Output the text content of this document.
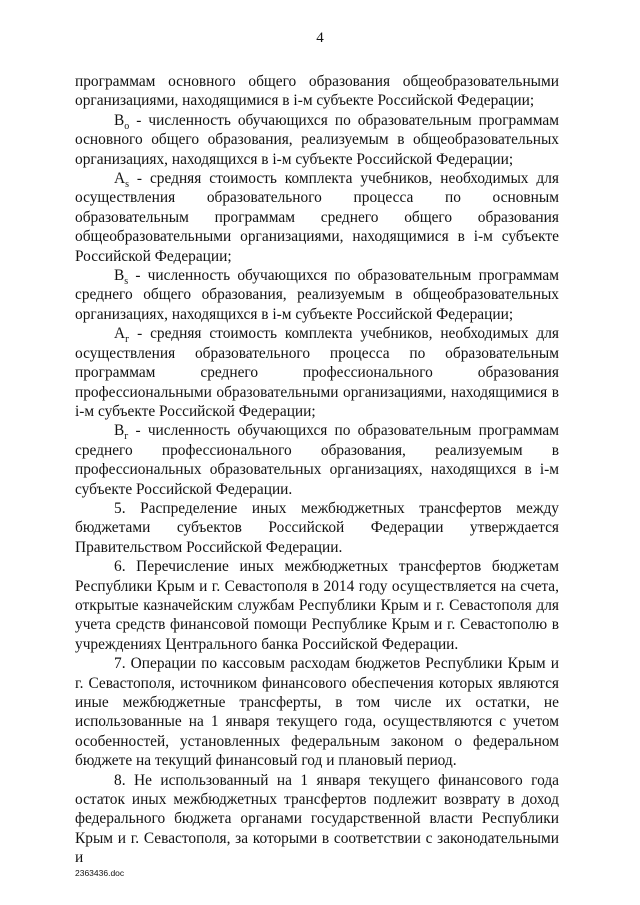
4

программам основного общего образования общеобразовательными организациями, находящимися в i-м субъекте Российской Федерации;

$B_o$ - численность обучающихся по образовательным программам основного общего образования, реализуемым в общеобразовательных организациях, находящихся в i-м субъекте Российской Федерации;

$A_s$ - средняя стоимость комплекта учебников, необходимых для осуществления образовательного процесса по основным образовательным программам среднего общего образования общеобразовательными организациями, находящимися в i-м субъекте Российской Федерации;

$B_s$ - численность обучающихся по образовательным программам среднего общего образования, реализуемым в общеобразовательных организациях, находящихся в i-м субъекте Российской Федерации;

$A_г$ - средняя стоимость комплекта учебников, необходимых для осуществления образовательного процесса по образовательным программам среднего профессионального образования профессиональными образовательными организациями, находящимися в i-м субъекте Российской Федерации;

$B_г$ - численность обучающихся по образовательным программам среднего профессионального образования, реализуемым в профессиональных образовательных организациях, находящихся в i-м субъекте Российской Федерации.

5. Распределение иных межбюджетных трансфертов между бюджетами субъектов Российской Федерации утверждается Правительством Российской Федерации.

6. Перечисление иных межбюджетных трансфертов бюджетам Республики Крым и г. Севастополя в 2014 году осуществляется на счета, открытые казначейским службам Республики Крым и г. Севастополя для учета средств финансовой помощи Республике Крым и г. Севастополю в учреждениях Центрального банка Российской Федерации.

7. Операции по кассовым расходам бюджетов Республики Крым и г. Севастополя, источником финансового обеспечения которых являются иные межбюджетные трансферты, в том числе их остатки, не использованные на 1 января текущего года, осуществляются с учетом особенностей, установленных федеральным законом о федеральном бюджете на текущий финансовый год и плановый период.

8. Не использованный на 1 января текущего финансового года остаток иных межбюджетных трансфертов подлежит возврату в доход федерального бюджета органами государственной власти Республики Крым и г. Севастополя, за которыми в соответствии с законодательными и

2363436.doc
